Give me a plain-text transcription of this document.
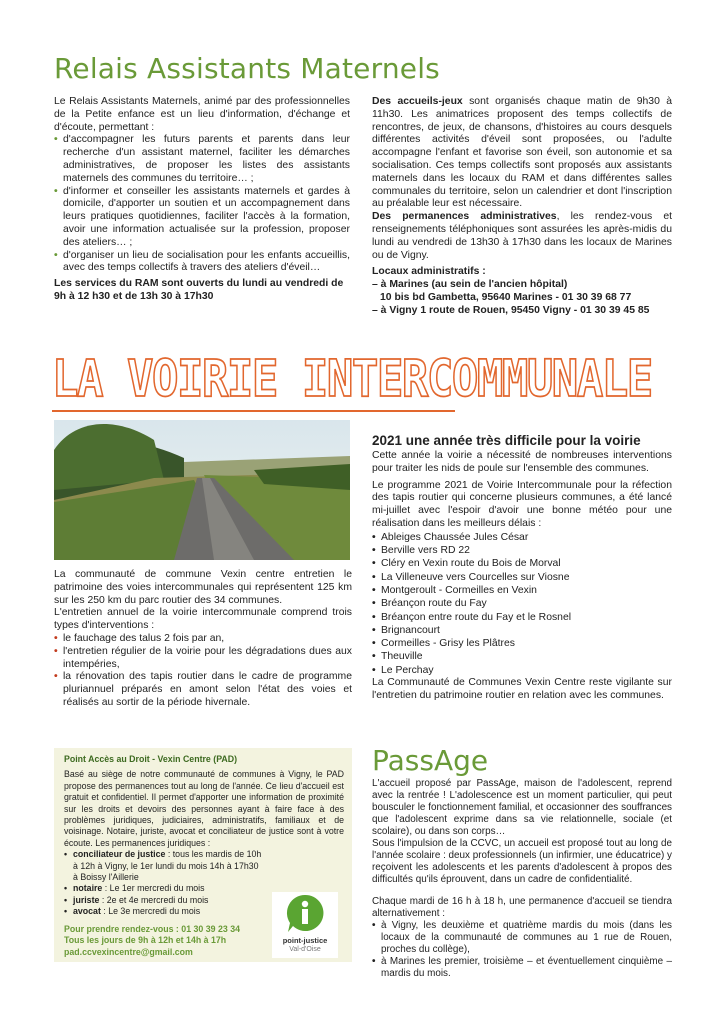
Relais Assistants Maternels

Le Relais Assistants Maternels, animé par des professionnelles de la Petite enfance est un lieu d'information, d'échange et d'écoute, permettant :

• d'accompagner les futurs parents et parents dans leur recherche d'un assistant maternel, faciliter les démarches administratives, de proposer les listes des assistants maternels des communes du territoire… ;
• d'informer et conseiller les assistants maternels et gardes à domicile, d'apporter un soutien et un accompagnement dans leurs pratiques quotidiennes, faciliter l'accès à la formation, avoir une information actualisée sur la profession, proposer des ateliers… ;
• d'organiser un lieu de socialisation pour les enfants accueillis, avec des temps collectifs à travers des ateliers d'éveil…

Les services du RAM sont ouverts du lundi au vendredi de 9h à 12 h30 et de 13h 30 à 17h30

Des accueils-jeux sont organisés chaque matin de 9h30 à 11h30. Les animatrices proposent des temps collectifs de rencontres, de jeux, de chansons, d'histoires au cours desquels différentes activités d'éveil sont proposées, ou l'adulte accompagne l'enfant et favorise son éveil, son autonomie et sa socialisation. Ces temps collectifs sont proposés aux assistants maternels dans les locaux du RAM et dans différentes salles communales du territoire, selon un calendrier et dont l'inscription au préalable leur est nécessaire.

Des permanences administratives, les rendez-vous et renseignements téléphoniques sont assurées les après-midis du lundi au vendredi de 13h30 à 17h30 dans les locaux de Marines ou de Vigny.

Locaux administratifs :

– à Marines (au sein de l'ancien hôpital)

10 bis bd Gambetta, 95640 Marines - 01 30 39 68 77

– à Vigny 1 route de Rouen, 95450 Vigny - 01 30 39 45 85

LA VOIRIE INTERCOMMUNALE

La communauté de commune Vexin centre entretien le patrimoine des voies intercommunales qui représentent 125 km sur les 250 km du parc routier des 34 communes.

L'entretien annuel de la voirie intercommunale comprend trois types d'interventions :

• le fauchage des talus 2 fois par an,
• l'entretien régulier de la voirie pour les dégradations dues aux intempéries,
• la rénovation des tapis routier dans le cadre de programme pluriannuel préparés en amont selon l'état des voies et réalisés au sortir de la période hivernale.

2021 une année très difficile pour la voirie

Cette année la voirie a nécessité de nombreuses interventions pour traiter les nids de poule sur l'ensemble des communes.

Le programme 2021 de Voirie Intercommunale pour la réfection des tapis routier qui concerne plusieurs communes, a été lancé mi-juillet avec l'espoir d'avoir une bonne météo pour une réalisation dans les meilleurs délais :

• Ableiges Chaussée Jules César
• Berville vers RD 22
• Cléry en Vexin route du Bois de Morval
• La Villeneuve vers Courcelles sur Viosne
• Montgeroult - Cormeilles en Vexin
• Bréançon route du Fay
• Bréançon entre route du Fay et le Rosnel
• Brignancourt
• Cormeilles - Grisy les Plâtres
• Theuville
• Le Perchay

La Communauté de Communes Vexin Centre reste vigilante sur l'entretien du patrimoine routier en relation avec les communes.

Point Accès au Droit - Vexin Centre (PAD)

Basé au siège de notre communauté de communes à Vigny, le PAD propose des permanences tout au long de l'année. Ce lieu d'accueil est gratuit et confidentiel. Il permet d'apporter une information de proximité sur les droits et devoirs des personnes ayant à faire face à des problèmes juridiques, judiciaires, administratifs, familiaux et de voisinage. Notaire, juriste, avocat et conciliateur de justice sont à votre écoute. Les permanences juridiques :

• conciliateur de justice : tous les mardis de 10h à 12h à Vigny, le 1er lundi du mois 14h à 17h30 à Boissy l'Aillerie
• notaire : Le 1er mercredi du mois
• juriste : 2e et 4e mercredi du mois
• avocat : Le 3e mercredi du mois

Pour prendre rendez-vous : 01 30 39 23 34

Tous les jours de 9h à 12h et 14h à 17h

pad.ccvexincentre@gmail.com

point-justice
Val-d'Oise
PassAge

L'accueil proposé par PassAge, maison de l'adolescent, reprend avec la rentrée ! L'adolescence est un moment particulier, qui peut bousculer le fonctionnement familial, et occasionner des souffrances que l'adolescent exprime dans sa vie relationnelle, sociale (et scolaire), ou dans son corps…

Sous l'impulsion de la CCVC, un accueil est proposé tout au long de l'année scolaire : deux professionnels (un infirmier, une éducatrice) y reçoivent les adolescents et les parents d'adolescent à propos des difficultés qu'ils éprouvent, dans un cadre de confidentialité.

Chaque mardi de 16 h à 18 h, une permanence d'accueil se tiendra alternativement :

• à Vigny, les deuxième et quatrième mardis du mois (dans les locaux de la communauté de communes au 1 rue de Rouen, proches du collège),
• à Marines les premier, troisième – et éventuellement cinquième – mardis du mois.
